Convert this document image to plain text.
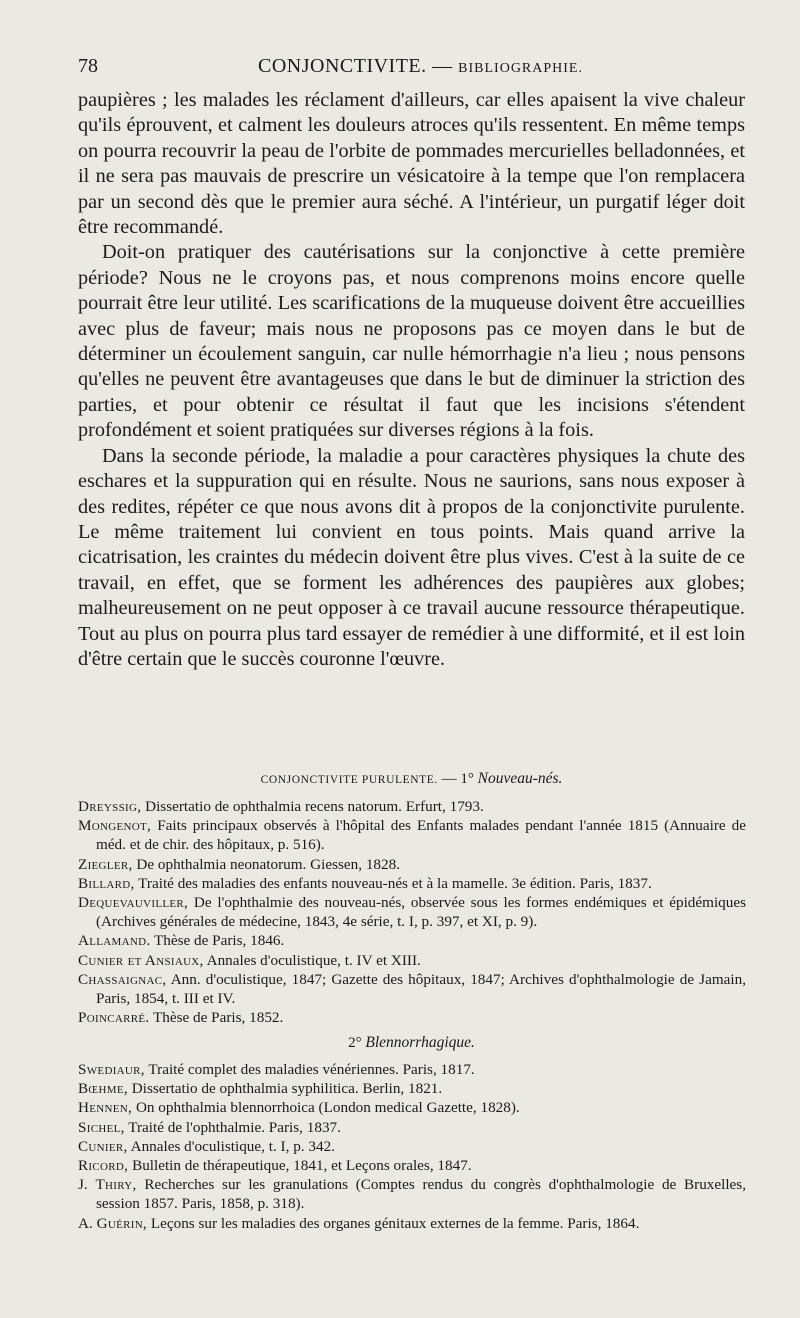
78	CONJONCTIVITE. — BIBLIOGRAPHIE.

paupières ; les malades les réclament d'ailleurs, car elles apaisent la vive chaleur qu'ils éprouvent, et calment les douleurs atroces qu'ils ressentent. En même temps on pourra recouvrir la peau de l'orbite de pommades mercurielles belladonnées, et il ne sera pas mauvais de prescrire un vésicatoire à la tempe que l'on remplacera par un second dès que le premier aura séché. A l'intérieur, un purgatif léger doit être recommandé.

Doit-on pratiquer des cautérisations sur la conjonctive à cette première période? Nous ne le croyons pas, et nous comprenons moins encore quelle pourrait être leur utilité. Les scarifications de la muqueuse doivent être accueillies avec plus de faveur; mais nous ne proposons pas ce moyen dans le but de déterminer un écoulement sanguin, car nulle hémorrhagie n'a lieu ; nous pensons qu'elles ne peuvent être avantageuses que dans le but de diminuer la striction des parties, et pour obtenir ce résultat il faut que les incisions s'étendent profondément et soient pratiquées sur diverses régions à la fois.

Dans la seconde période, la maladie a pour caractères physiques la chute des eschares et la suppuration qui en résulte. Nous ne saurions, sans nous exposer à des redites, répéter ce que nous avons dit à propos de la conjonctivite purulente. Le même traitement lui convient en tous points. Mais quand arrive la cicatrisation, les craintes du médecin doivent être plus vives. C'est à la suite de ce travail, en effet, que se forment les adhérences des paupières aux globes; malheureusement on ne peut opposer à ce travail aucune ressource thérapeutique. Tout au plus on pourra plus tard essayer de remédier à une difformité, et il est loin d'être certain que le succès couronne l'œuvre.

CONJONCTIVITE PURULENTE. — 1° Nouveau-nés.
Dreyssig, Dissertatio de ophthalmia recens natorum. Erfurt, 1793.
Mongenot, Faits principaux observés à l'hôpital des Enfants malades pendant l'année 1815 (Annuaire de méd. et de chir. des hôpitaux, p. 516).
Ziegler, De ophthalmia neonatorum. Giessen, 1828.
Billard, Traité des maladies des enfants nouveau-nés et à la mamelle. 3e édition. Paris, 1837.
Dequevauviller, De l'ophthalmie des nouveau-nés, observée sous les formes endémiques et épidémiques (Archives générales de médecine, 1843, 4e série, t. I, p. 397, et XI, p. 9).
Allamand. Thèse de Paris, 1846.
Cunier et Ansiaux, Annales d'oculistique, t. IV et XIII.
Chassaignac, Ann. d'oculistique, 1847; Gazette des hôpitaux, 1847; Archives d'ophthalmologie de Jamain, Paris, 1854, t. III et IV.
Poincarré. Thèse de Paris, 1852.
2° Blennorrhagique.
Swediaur, Traité complet des maladies vénériennes. Paris, 1817.
Bœhme, Dissertatio de ophthalmia syphilitica. Berlin, 1821.
Hennen, On ophthalmia blennorrhoica (London medical Gazette, 1828).
Sichel, Traité de l'ophthalmie. Paris, 1837.
Cunier, Annales d'oculistique, t. I, p. 342.
Ricord, Bulletin de thérapeutique, 1841, et Leçons orales, 1847.
J. Thiry, Recherches sur les granulations (Comptes rendus du congrès d'ophthalmologie de Bruxelles, session 1857. Paris, 1858, p. 318).
A. Guérin, Leçons sur les maladies des organes génitaux externes de la femme. Paris, 1864.
